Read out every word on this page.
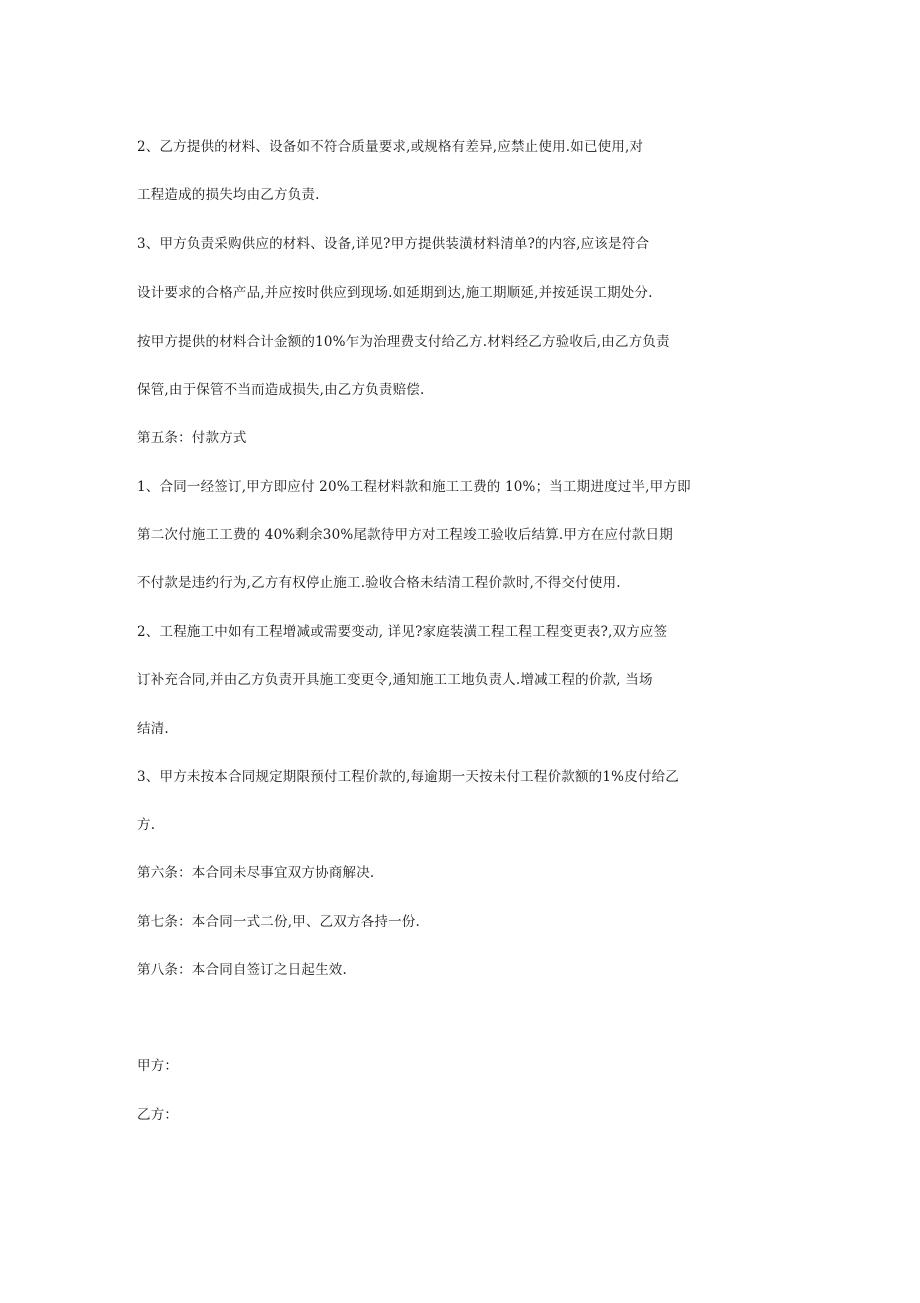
2、乙方提供的材料、设备如不符合质量要求,或规格有差异,应禁止使用.如已使用,对
工程造成的损失均由乙方负责.
3、甲方负责采购供应的材料、设备,详见?甲方提供装潢材料清单?的内容,应该是符合
设计要求的合格产品,并应按时供应到现场.如延期到达,施工期顺延,并按延误工期处分.
按甲方提供的材料合计金额的10%乍为治理费支付给乙方.材料经乙方验收后,由乙方负责
保管,由于保管不当而造成损失,由乙方负责赔偿.
第五条：付款方式
1、合同一经签订,甲方即应付 20%工程材料款和施工工费的 10%；当工期进度过半,甲方即
第二次付施工工费的 40%剩余30%尾款待甲方对工程竣工验收后结算.甲方在应付款日期
不付款是违约行为,乙方有权停止施工.验收合格未结清工程价款时,不得交付使用.
2、工程施工中如有工程增减或需要变动, 详见?家庭装潢工程工程工程变更表?,双方应签
订补充合同,并由乙方负责开具施工变更令,通知施工工地负责人.增减工程的价款, 当场
结清.
3、甲方未按本合同规定期限预付工程价款的,每逾期一天按未付工程价款额的1%皮付给乙
方.
第六条：本合同未尽事宜双方协商解决.
第七条：本合同一式二份,甲、乙双方各持一份.
第八条：本合同自签订之日起生效.
甲方：
乙方：
